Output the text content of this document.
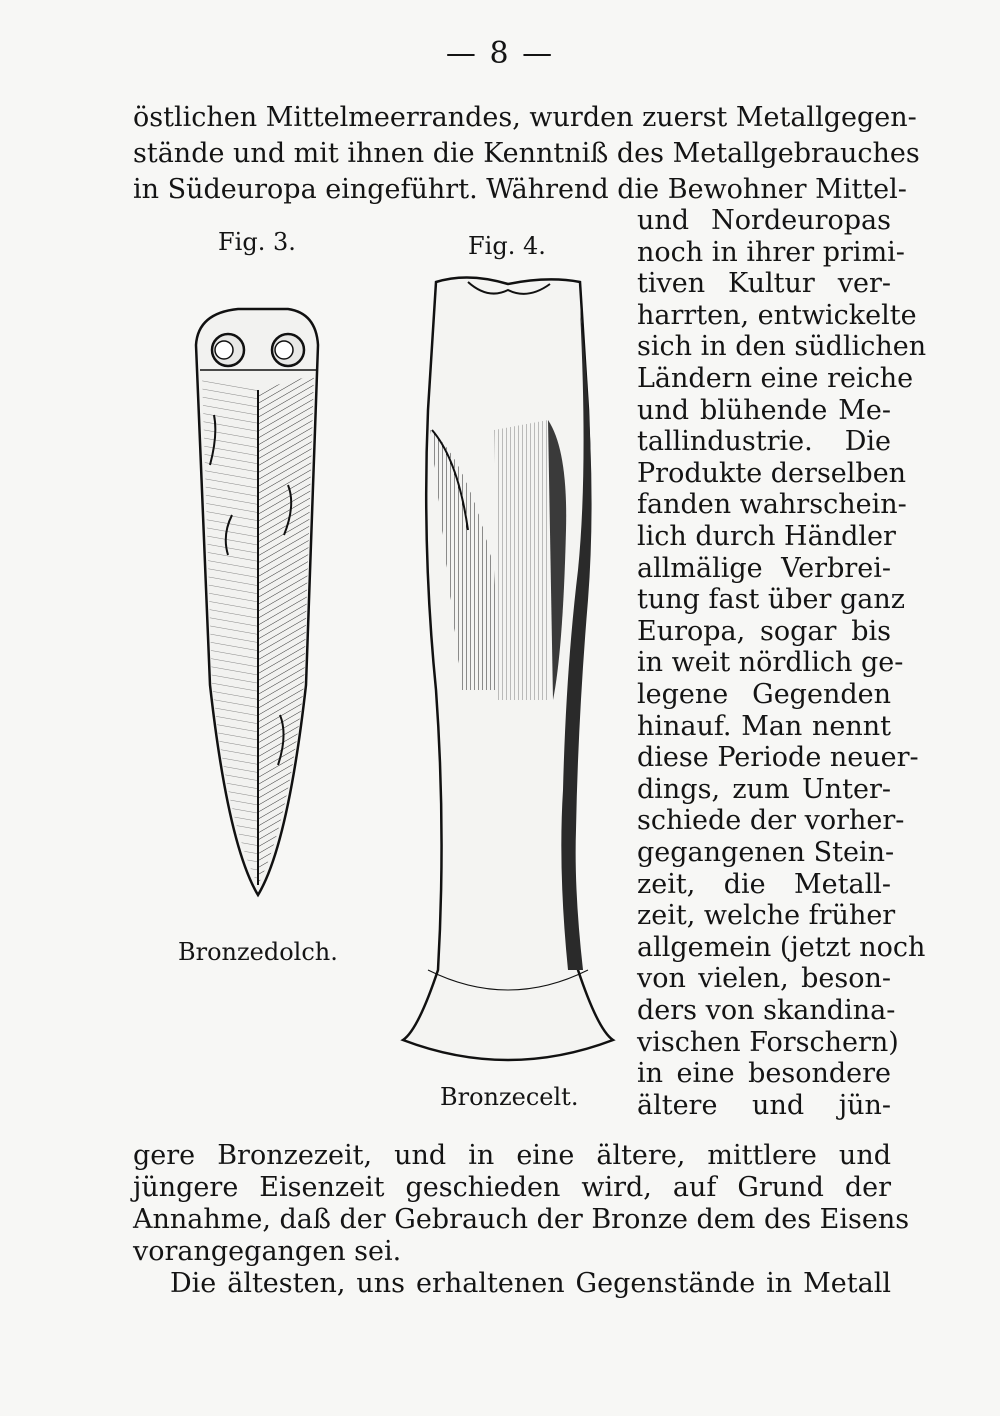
— 8 —
östlichen Mittelmeerrandes, wurden zuerst Metallgegen-
stände und mit ihnen die Kenntniß des Metallgebrauches
in Südeuropa eingeführt. Während die Bewohner Mittel-
und Nordeuropas
noch in ihrer primi-
tiven Kultur ver-
harrten, entwickelte
sich in den südlichen
Ländern eine reiche
und blühende Me-
tallindustrie. Die
Produkte derselben
fanden wahrschein-
lich durch Händler
allmälige Verbrei-
tung fast über ganz
Europa, sogar bis
in weit nördlich ge-
legene Gegenden
hinauf. Man nennt
diese Periode neuer-
dings, zum Unter-
schiede der vorher-
gegangenen Stein-
zeit, die Metall-
zeit, welche früher
allgemein (jetzt noch
von vielen, beson-
ders von skandina-
vischen Forschern)
in eine besondere
ältere und jün-
gere Bronzezeit, und in eine ältere, mittlere und
jüngere Eisenzeit geschieden wird, auf Grund der
Annahme, daß der Gebrauch der Bronze dem des Eisens
vorangegangen sei.
Die ältesten, uns erhaltenen Gegenstände in Metall
Fig. 3.
Bronzedolch.
Fig. 4.
Bronzecelt.
